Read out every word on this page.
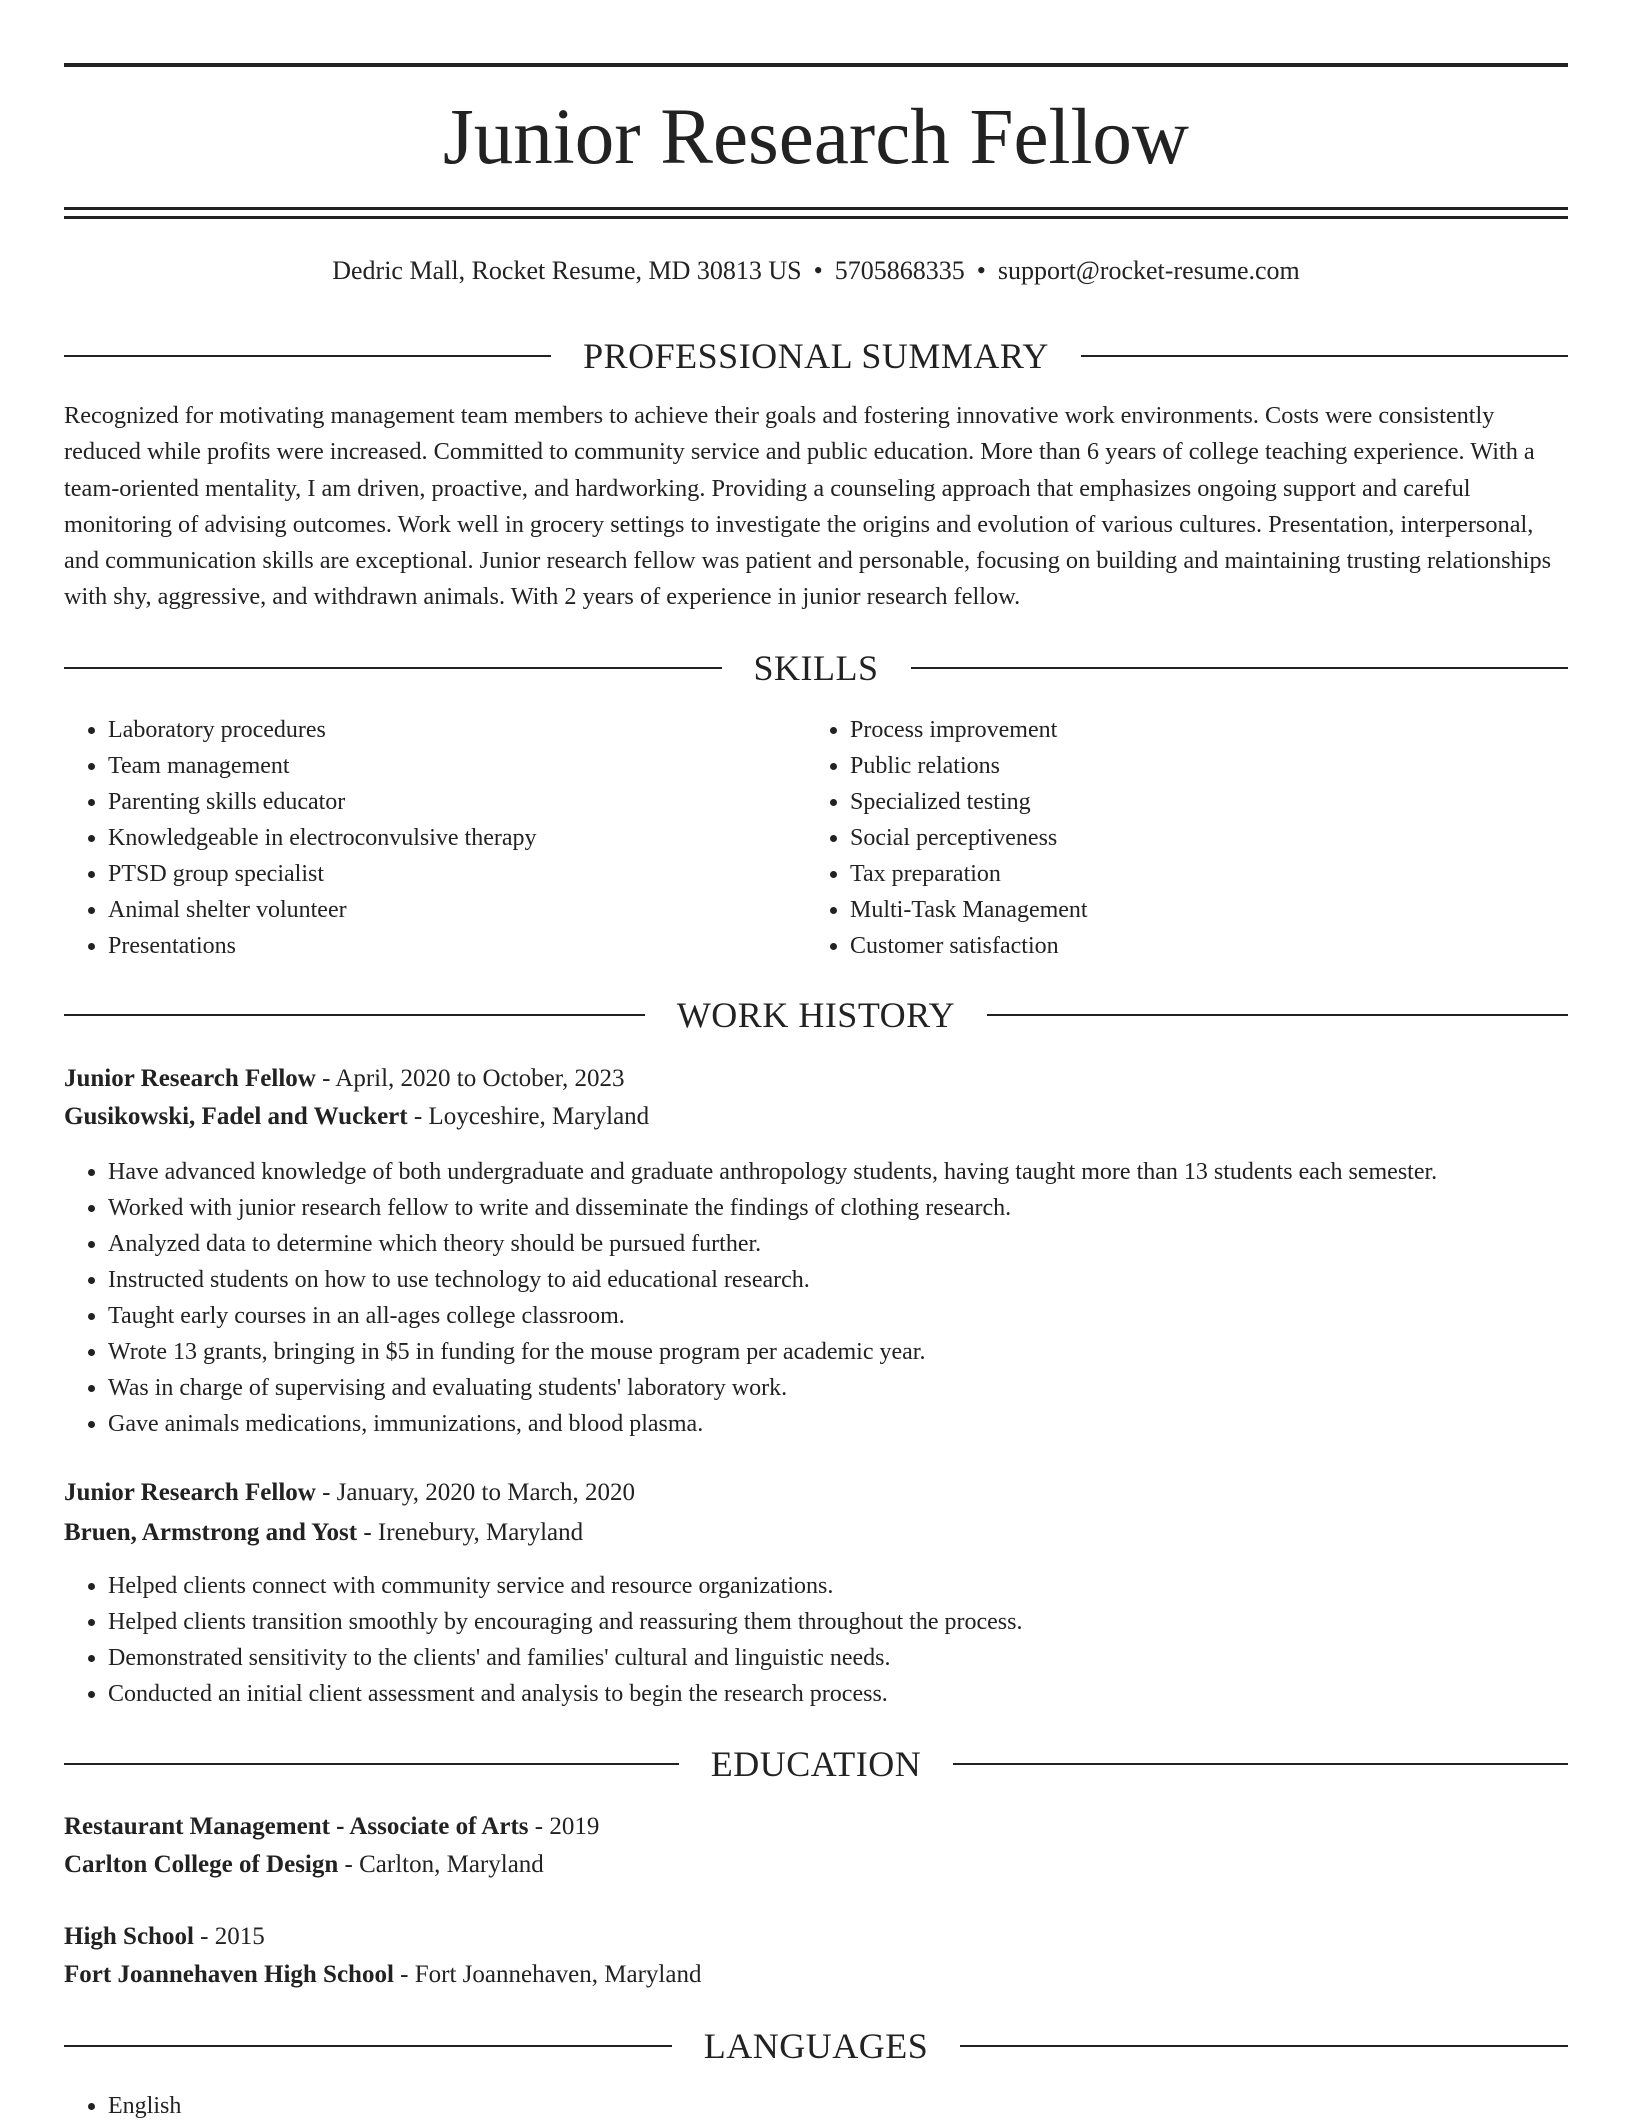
Junior Research Fellow
Dedric Mall, Rocket Resume, MD 30813 US • 5705868335 • support@rocket-resume.com
PROFESSIONAL SUMMARY

Recognized for motivating management team members to achieve their goals and fostering innovative work environments. Costs were consistently reduced while profits were increased. Committed to community service and public education. More than 6 years of college teaching experience. With a team-oriented mentality, I am driven, proactive, and hardworking. Providing a counseling approach that emphasizes ongoing support and careful monitoring of advising outcomes. Work well in grocery settings to investigate the origins and evolution of various cultures. Presentation, interpersonal, and communication skills are exceptional. Junior research fellow was patient and personable, focusing on building and maintaining trusting relationships with shy, aggressive, and withdrawn animals. With 2 years of experience in junior research fellow.

SKILLS
• Laboratory procedures
• Team management
• Parenting skills educator
• Knowledgeable in electroconvulsive therapy
• PTSD group specialist
• Animal shelter volunteer
• Presentations
• Process improvement
• Public relations
• Specialized testing
• Social perceptiveness
• Tax preparation
• Multi-Task Management
• Customer satisfaction
WORK HISTORY
Junior Research Fellow - April, 2020 to October, 2023
Gusikowski, Fadel and Wuckert - Loyceshire, Maryland
• Have advanced knowledge of both undergraduate and graduate anthropology students, having taught more than 13 students each semester.
• Worked with junior research fellow to write and disseminate the findings of clothing research.
• Analyzed data to determine which theory should be pursued further.
• Instructed students on how to use technology to aid educational research.
• Taught early courses in an all-ages college classroom.
• Wrote 13 grants, bringing in $5 in funding for the mouse program per academic year.
• Was in charge of supervising and evaluating students' laboratory work.
• Gave animals medications, immunizations, and blood plasma.
Junior Research Fellow - January, 2020 to March, 2020
Bruen, Armstrong and Yost - Irenebury, Maryland
• Helped clients connect with community service and resource organizations.
• Helped clients transition smoothly by encouraging and reassuring them throughout the process.
• Demonstrated sensitivity to the clients' and families' cultural and linguistic needs.
• Conducted an initial client assessment and analysis to begin the research process.
EDUCATION
Restaurant Management - Associate of Arts - 2019
Carlton College of Design - Carlton, Maryland
High School - 2015
Fort Joannehaven High School - Fort Joannehaven, Maryland
LANGUAGES
• English
